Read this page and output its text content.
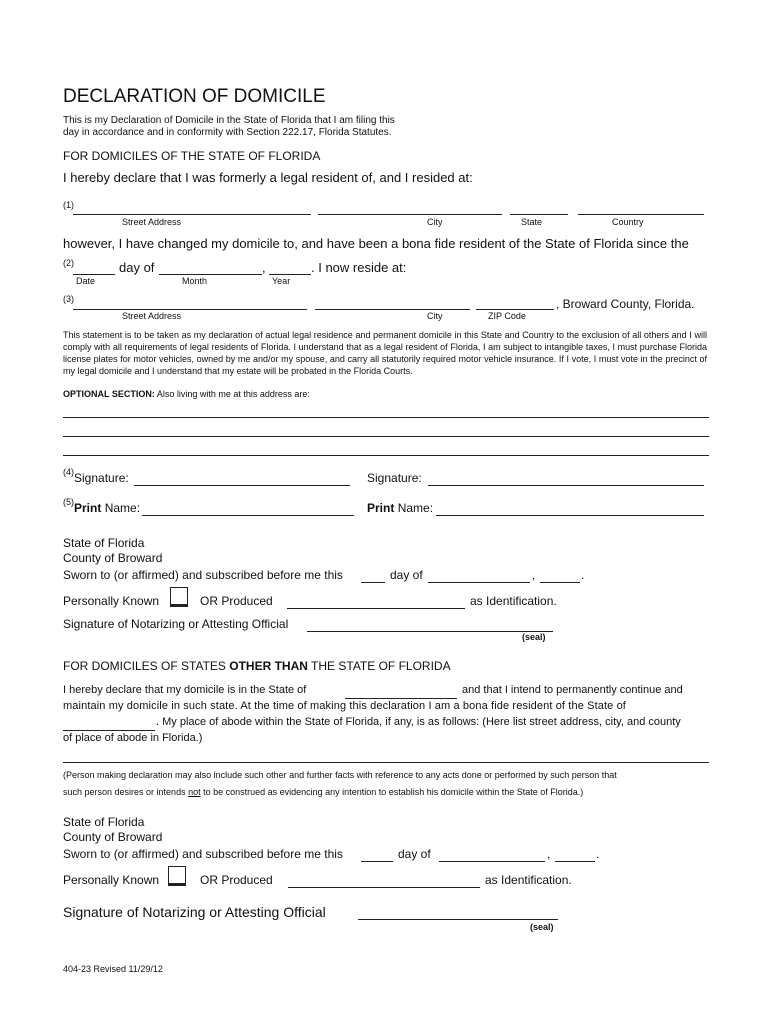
DECLARATION OF DOMICILE
This is my Declaration of Domicile in the State of Florida that I am filing this
day in accordance and in conformity with Section 222.17, Florida Statutes.
FOR DOMICILES OF THE STATE OF FLORIDA
I hereby declare that I was formerly a legal resident of, and I resided at:
(1)
Street Address	City	State	Country
however, I have changed my domicile to, and have been a bona fide resident of the State of Florida since the
(2)	day of	,	. I now reside at:
Date	Month	Year
(3)	, Broward County, Florida.
Street Address	City	ZIP Code
This statement is to be taken as my declaration of actual legal residence and permanent domicile in this State and Country to the exclusion of all others and I will comply with all requirements of legal residents of Florida. I understand that as a legal resident of Florida, I am subject to intangible taxes, I must purchase Florida license plates for motor vehicles, owned by me and/or my spouse, and carry all statutorily required motor vehicle insurance. If I vote, I must vote in the precinct of my legal domicile and I understand that my estate will be probated in the Florida Courts.
OPTIONAL SECTION: Also living with me at this address are:
(4) Signature:	Signature:
(5) Print Name:	Print Name:
State of Florida
County of Broward
Sworn to (or affirmed) and subscribed before me this	day of	,	.
Personally Known	OR Produced	as Identification.
Signature of Notarizing or Attesting Official
(seal)
FOR DOMICILES OF STATES OTHER THAN THE STATE OF FLORIDA
I hereby declare that my domicile is in the State of	and that I intend to permanently continue and
maintain my domicile in such state. At the time of making this declaration I am a bona fide resident of the State of
. My place of abode within the State of Florida, if any, is as follows: (Here list street address, city, and county
of place of abode in Florida.)
(Person making declaration may also include such other and further facts with reference to any acts done or performed by such person that
such person desires or intends not to be construed as evidencing any intention to establish his domicile within the State of Florida.)
State of Florida
County of Broward
Sworn to (or affirmed) and subscribed before me this	day of	,	.
Personally Known	OR Produced	as Identification.
Signature of Notarizing or Attesting Official
(seal)
404-23 Revised 11/29/12
